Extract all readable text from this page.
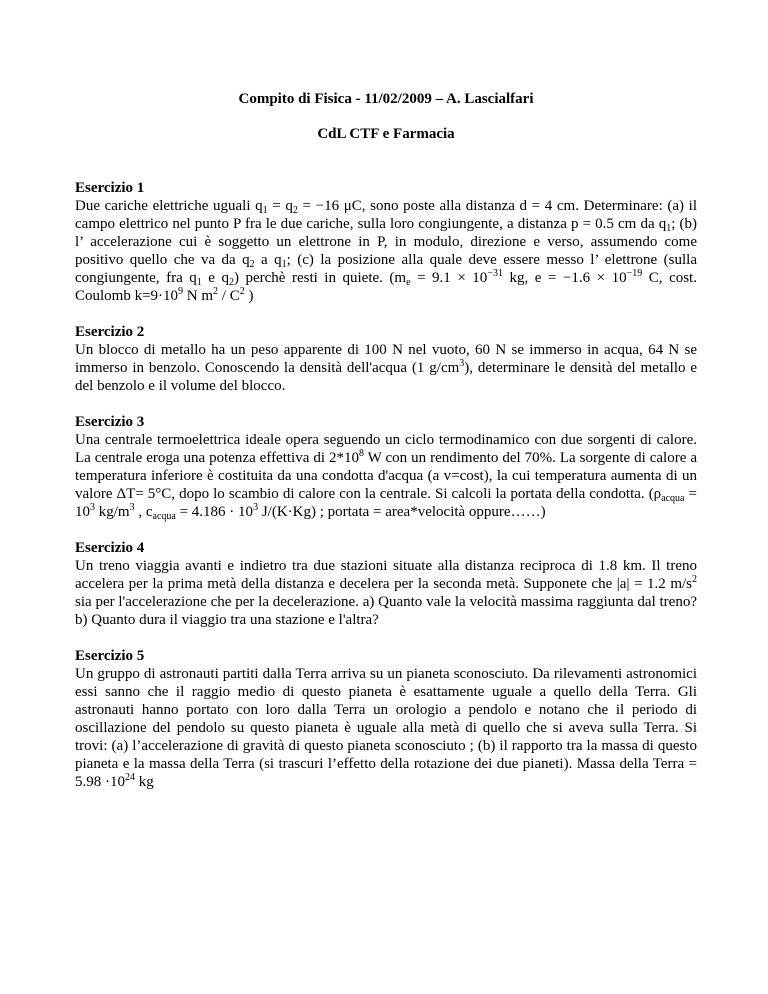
Compito di Fisica - 11/02/2009 – A. Lascialfari

CdL CTF e Farmacia

Esercizio 1

Due cariche elettriche uguali $q_1 = q_2 = -16$ μC, sono poste alla distanza d = 4 cm. Determinare: (a) il campo elettrico nel punto P fra le due cariche, sulla loro congiungente, a distanza p = 0.5 cm da $q_1$; (b) l’ accelerazione cui è soggetto un elettrone in P, in modulo, direzione e verso, assumendo come positivo quello che va da $q_2$ a $q_1$; (c) la posizione alla quale deve essere messo l’ elettrone (sulla congiungente, fra $q_1$ e $q_2$) perchè resti in quiete. ($m_e = 9.1 \times 10^{-31}$ kg, $e = -1.6 \times 10^{-19}$ C, cost. Coulomb $k=9\cdot 10^9$ N $m^2 / C^2$ )

Esercizio 2

Un blocco di metallo ha un peso apparente di 100 N nel vuoto, 60 N se immerso in acqua, 64 N se immerso in benzolo. Conoscendo la densità dell'acqua (1 $g/cm^3$), determinare le densità del metallo e del benzolo e il volume del blocco.

Esercizio 3

Una centrale termoelettrica ideale opera seguendo un ciclo termodinamico con due sorgenti di calore. La centrale eroga una potenza effettiva di $2*10^8$ W con un rendimento del 70%. La sorgente di calore a temperatura inferiore è costituita da una condotta d'acqua (a v=cost), la cui temperatura aumenta di un valore ΔT= 5°C, dopo lo scambio di calore con la centrale. Si calcoli la portata della condotta. ($\rho_{acqua} = 10^3$ $kg/m^3$ , $c_{acqua} = 4.186 \cdot 10^3$ J/(K·Kg) ; portata = area*velocità oppure……)

Esercizio 4

Un treno viaggia avanti e indietro tra due stazioni situate alla distanza reciproca di 1.8 km. Il treno accelera per la prima metà della distanza e decelera per la seconda metà. Supponete che |a| = 1.2 $m/s^2$ sia per l'accelerazione che per la decelerazione. a) Quanto vale la velocità massima raggiunta dal treno? b) Quanto dura il viaggio tra una stazione e l'altra?

Esercizio 5

Un gruppo di astronauti partiti dalla Terra arriva su un pianeta sconosciuto. Da rilevamenti astronomici essi sanno che il raggio medio di questo pianeta è esattamente uguale a quello della Terra. Gli astronauti hanno portato con loro dalla Terra un orologio a pendolo e notano che il periodo di oscillazione del pendolo su questo pianeta è uguale alla metà di quello che si aveva sulla Terra. Si trovi: (a) l’accelerazione di gravità di questo pianeta sconosciuto ; (b) il rapporto tra la massa di questo pianeta e la massa della Terra (si trascuri l’effetto della rotazione dei due pianeti). Massa della Terra = $5.98 \cdot 10^{24}$ kg
